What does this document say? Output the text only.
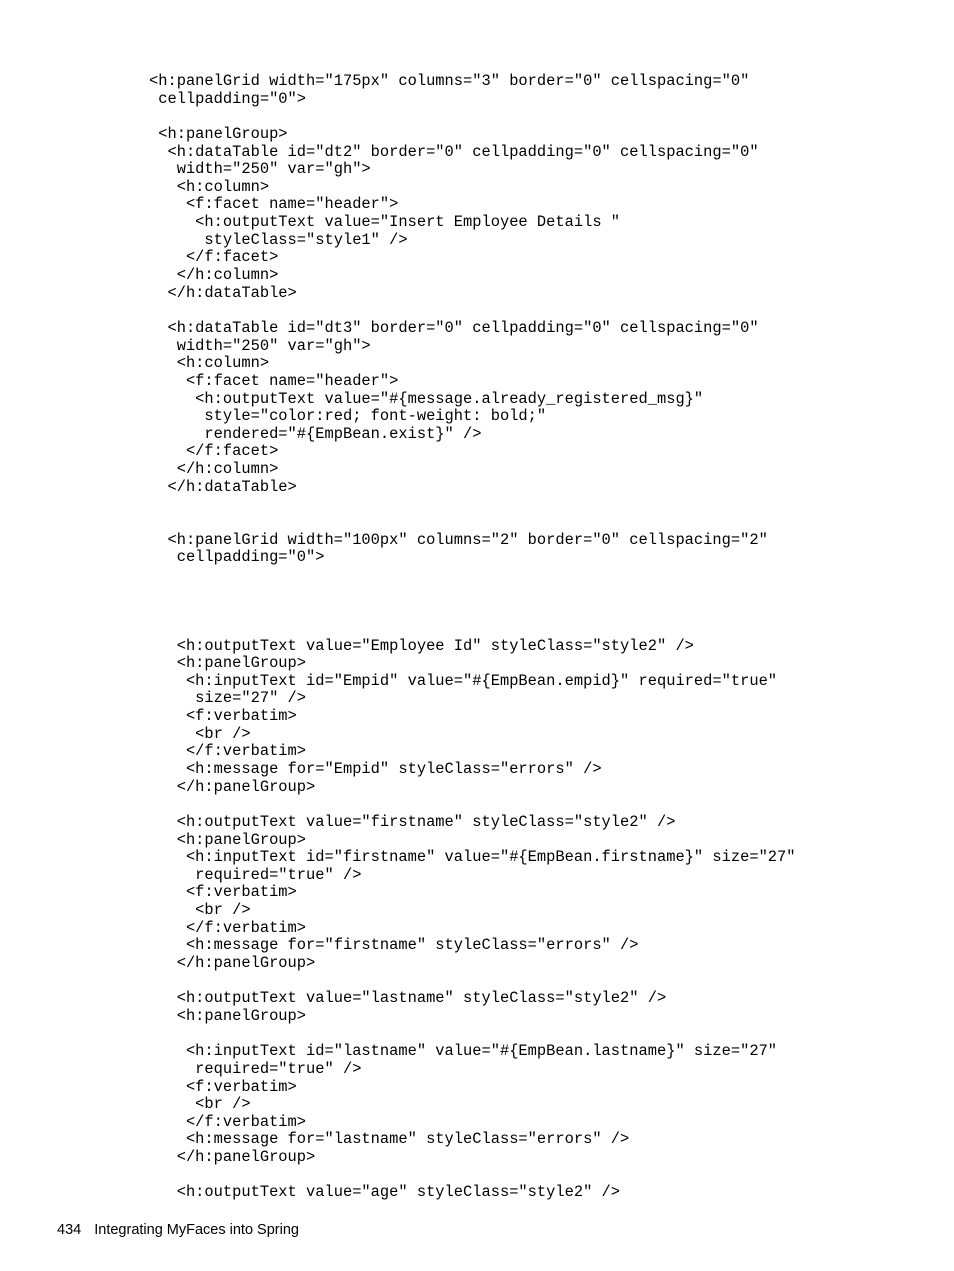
<h:panelGrid width="175px" columns="3" border="0" cellspacing="0"
cellpadding="0">
<h:panelGroup>
<h:dataTable id="dt2" border="0" cellpadding="0" cellspacing="0"
width="250" var="gh">
<h:column>
<f:facet name="header">
<h:outputText value="Insert Employee Details "
styleClass="style1" />
</f:facet>
</h:column>
</h:dataTable>
<h:dataTable id="dt3" border="0" cellpadding="0" cellspacing="0"
width="250" var="gh">
<h:column>
<f:facet name="header">
<h:outputText value="#{message.already_registered_msg}"
style="color:red; font-weight: bold;"
rendered="#{EmpBean.exist}" />
</f:facet>
</h:column>
</h:dataTable>
<h:panelGrid width="100px" columns="2" border="0" cellspacing="2"
cellpadding="0">
<h:outputText value="Employee Id" styleClass="style2" />
<h:panelGroup>
<h:inputText id="Empid" value="#{EmpBean.empid}" required="true"
size="27" />
<f:verbatim>
<br />
</f:verbatim>
<h:message for="Empid" styleClass="errors" />
</h:panelGroup>
<h:outputText value="firstname" styleClass="style2" />
<h:panelGroup>
<h:inputText id="firstname" value="#{EmpBean.firstname}" size="27"
required="true" />
<f:verbatim>
<br />
</f:verbatim>
<h:message for="firstname" styleClass="errors" />
</h:panelGroup>
<h:outputText value="lastname" styleClass="style2" />
<h:panelGroup>
<h:inputText id="lastname" value="#{EmpBean.lastname}" size="27"
required="true" />
<f:verbatim>
<br />
</f:verbatim>
<h:message for="lastname" styleClass="errors" />
</h:panelGroup>
<h:outputText value="age" styleClass="style2" />
434 Integrating MyFaces into Spring
